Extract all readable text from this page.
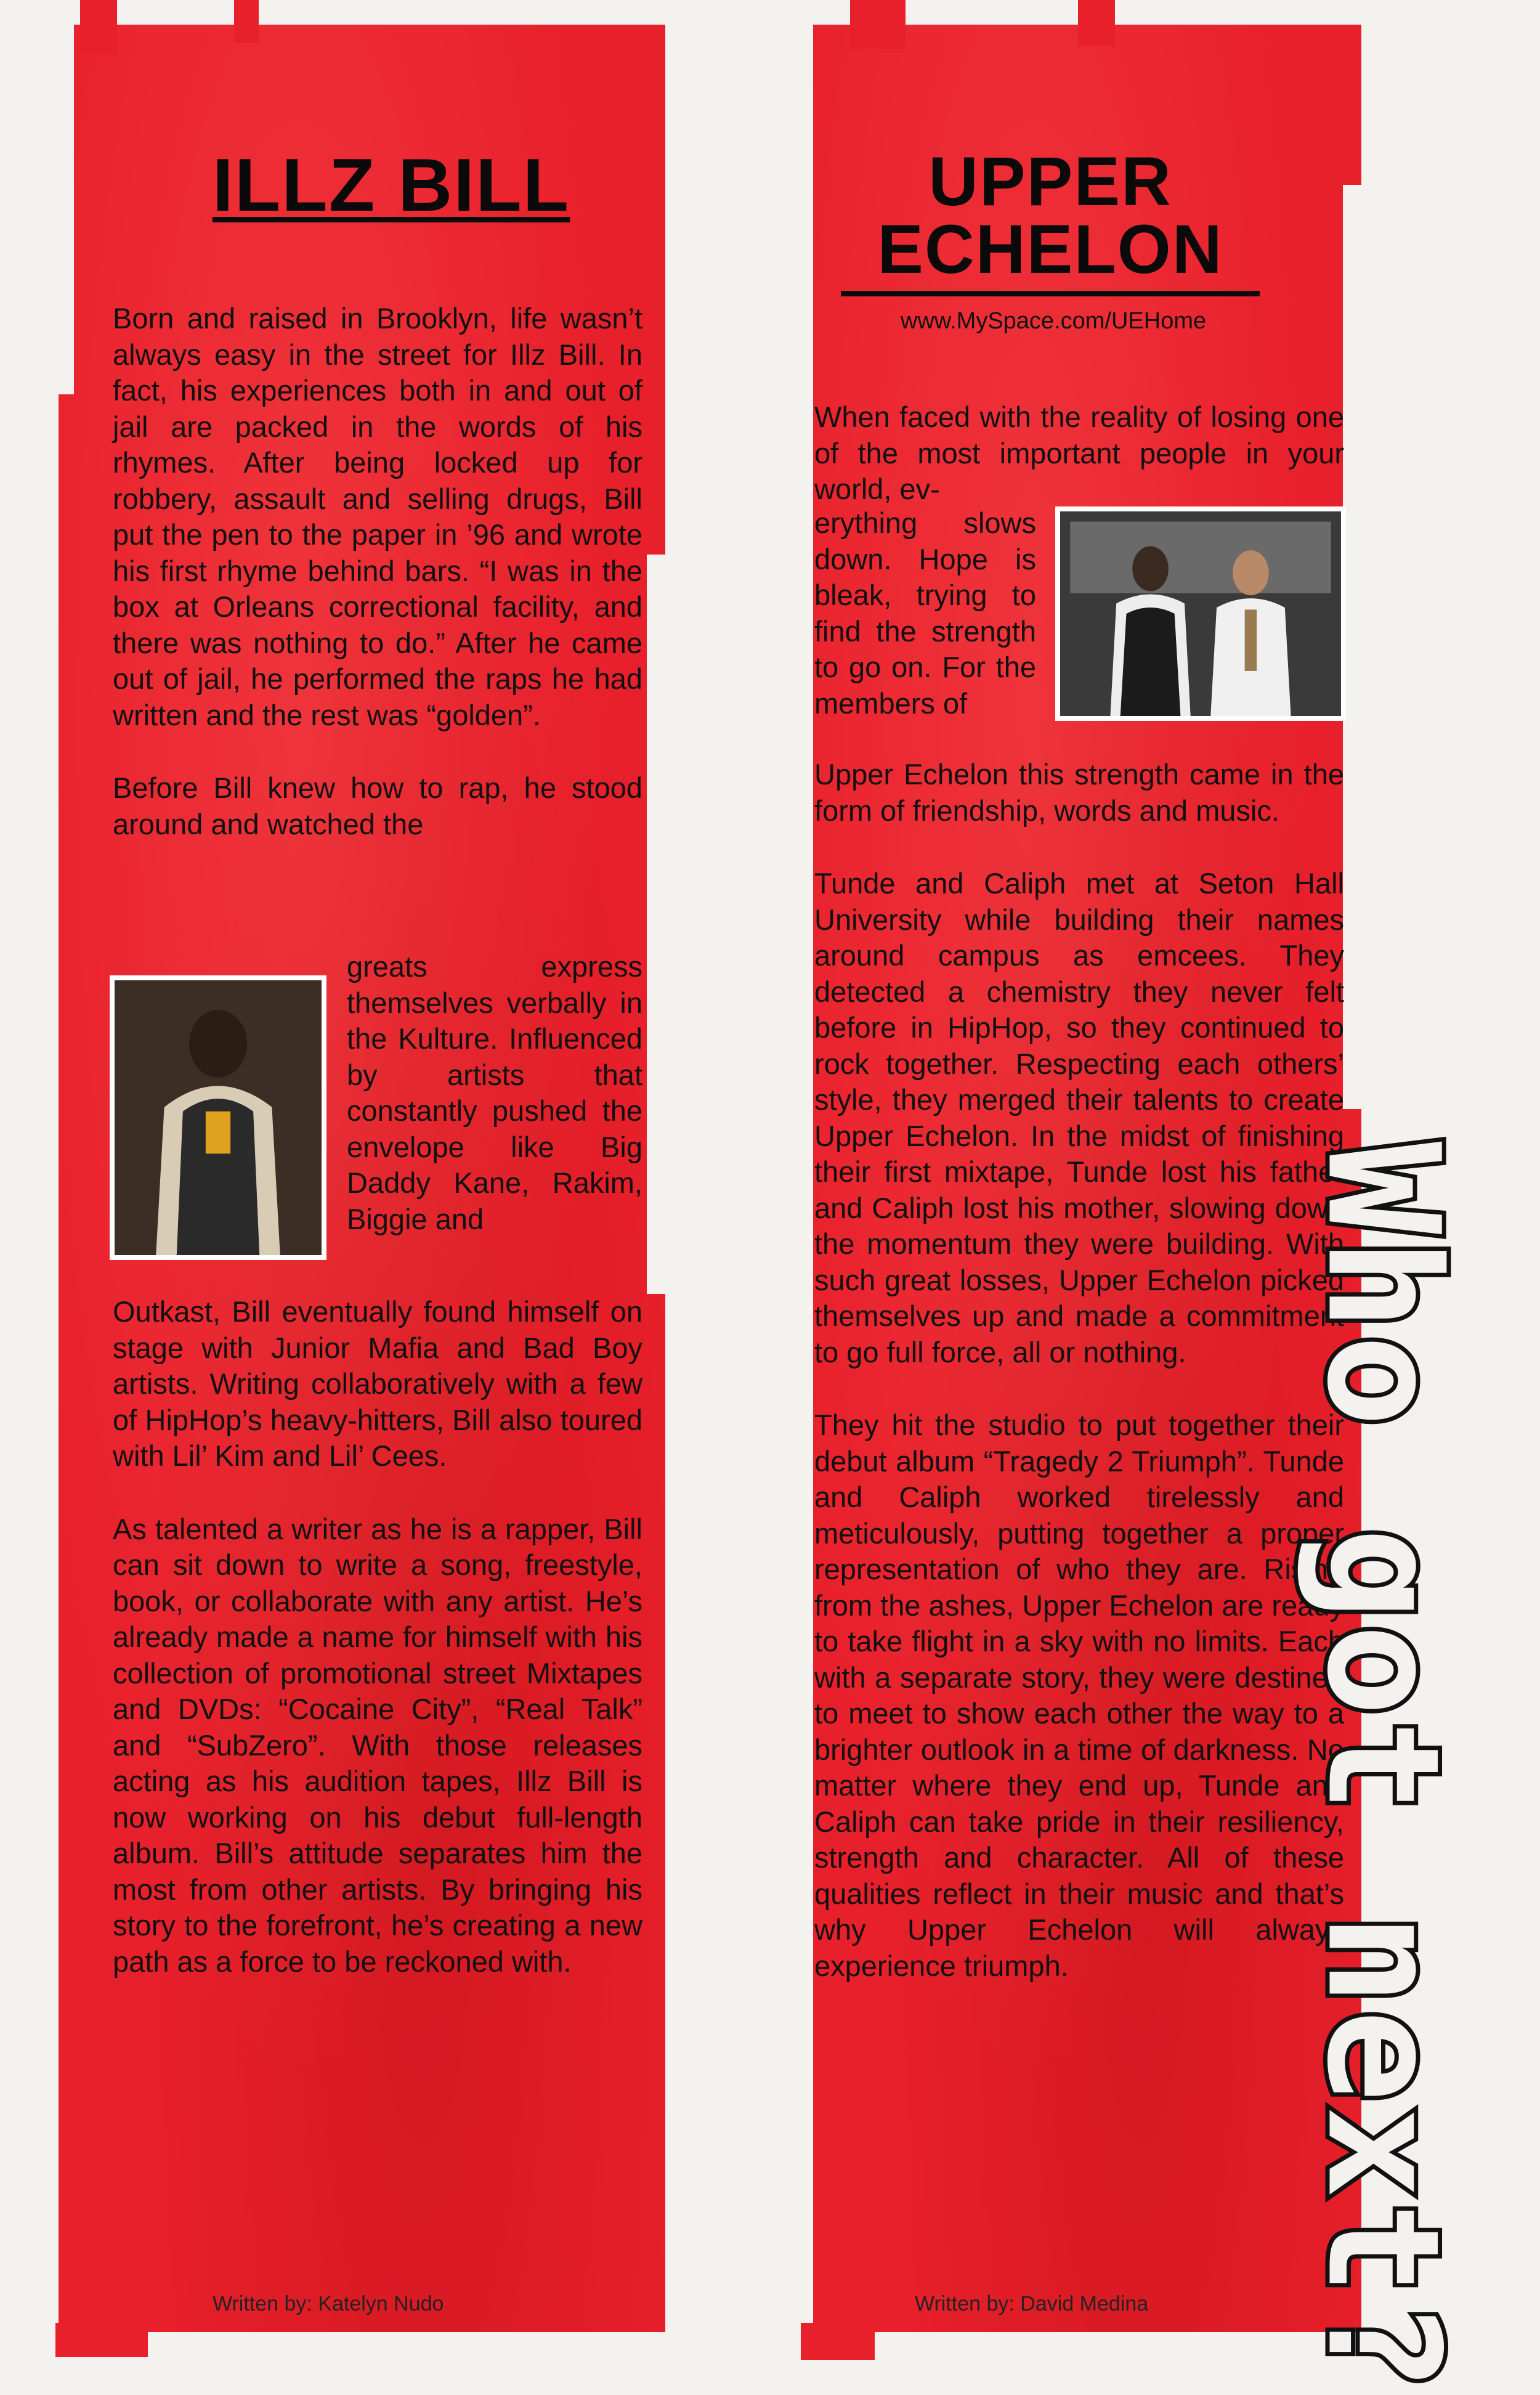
ILLZ BILL

Born and raised in Brooklyn, life wasn’t always easy in the street for Illz Bill. In fact, his experiences both in and out of jail are packed in the words of his rhymes. After being locked up for robbery, assault and selling drugs, Bill put the pen to the paper in ’96 and wrote his first rhyme behind bars. “I was in the box at Orleans correctional facility, and there was nothing to do.” After he came out of jail, he performed the raps he had written and the rest was “golden”.

Before Bill knew how to rap, he stood around and watched the

greats express themselves verbally in the Kulture. Influenced by artists that constantly pushed the envelope like Big Daddy Kane, Rakim, Biggie and

Outkast, Bill eventually found himself on stage with Junior Mafia and Bad Boy artists. Writing collaboratively with a few of HipHop’s heavy-hitters, Bill also toured with Lil’ Kim and Lil’ Cees.

As talented a writer as he is a rapper, Bill can sit down to write a song, freestyle, book, or collaborate with any artist. He’s already made a name for himself with his collection of promotional street Mixtapes and DVDs: “Cocaine City”, “Real Talk” and “SubZero”. With those releases acting as his audition tapes, Illz Bill is now working on his debut full-length album. Bill’s attitude separates him the most from other artists. By bringing his story to the forefront, he’s creating a new path as a force to be reckoned with.

Written by: Katelyn Nudo
UPPER
ECHELON
www.MySpace.com/UEHome

When faced with the reality of losing one of the most important people in your world, ev-

erything slows down. Hope is bleak, trying to find the strength to go on. For the members of

Upper Echelon this strength came in the form of friendship, words and music.

Tunde and Caliph met at Seton Hall University while building their names around campus as emcees. They detected a chemistry they never felt before in HipHop, so they continued to rock together. Respecting each others’ style, they merged their talents to create Upper Echelon. In the midst of finishing their first mixtape, Tunde lost his father and Caliph lost his mother, slowing down the momentum they were building. With such great losses, Upper Echelon picked themselves up and made a commitment to go full force, all or nothing.

They hit the studio to put together their debut album “Tragedy 2 Triumph”. Tunde and Caliph worked tirelessly and meticulously, putting together a proper representation of who they are. Rising from the ashes, Upper Echelon are ready to take flight in a sky with no limits. Each with a separate story, they were destined to meet to show each other the way to a brighter outlook in a time of darkness. No matter where they end up, Tunde and Caliph can take pride in their resiliency, strength and character. All of these qualities reflect in their music and that’s why Upper Echelon will always experience triumph.

Written by: David Medina Who got next?
